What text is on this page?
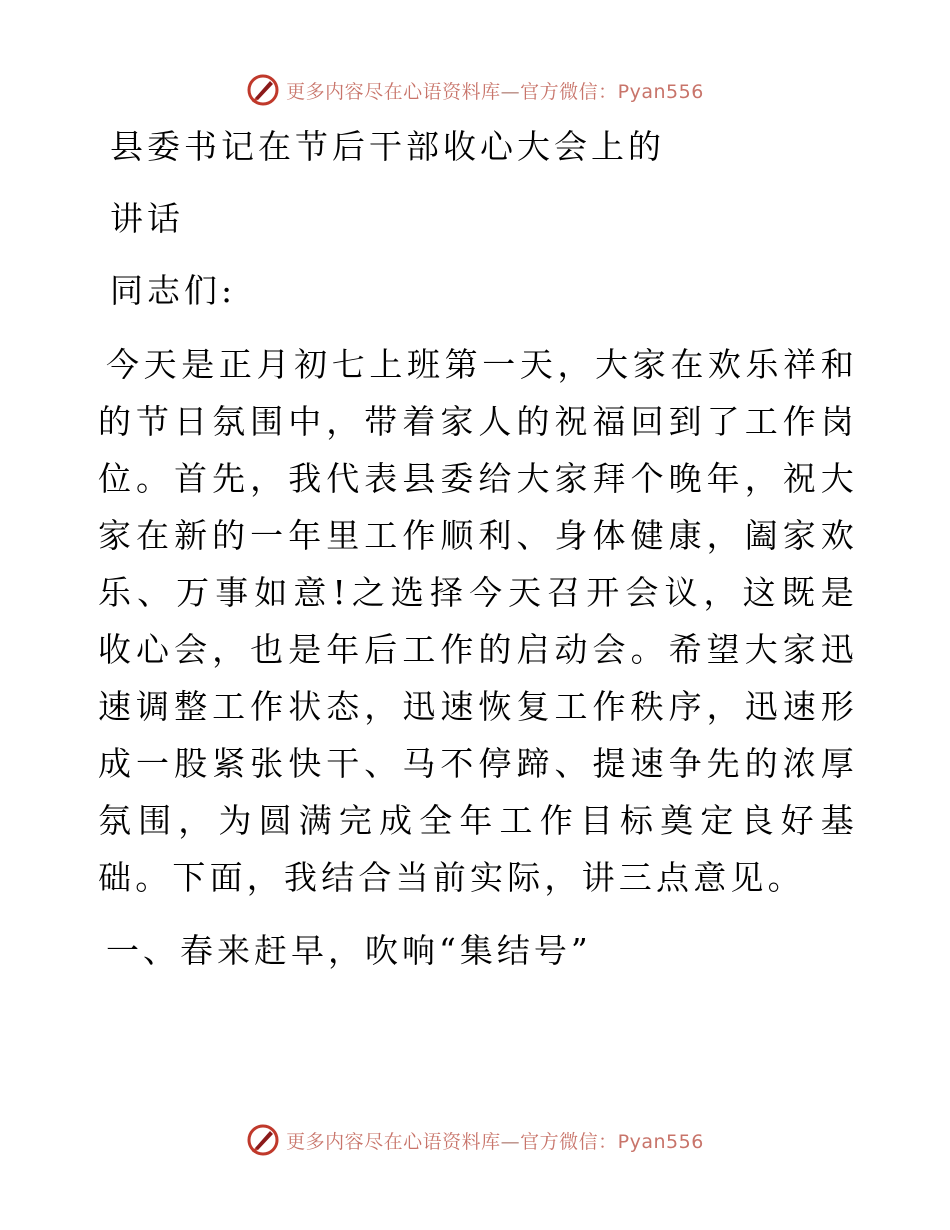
更多内容尽在心语资料库—官方微信：Pyan556
县委书记在节后干部收心大会上的
讲话

同志们:

今天是正月初七上班第一天，大家在欢乐祥和的节日氛围中，带着家人的祝福回到了工作岗位。首先，我代表县委给大家拜个晚年，祝大家在新的一年里工作顺利、身体健康，阖家欢乐、万事如意!之选择今天召开会议，这既是收心会，也是年后工作的启动会。希望大家迅速调整工作状态，迅速恢复工作秩序，迅速形成一股紧张快干、马不停蹄、提速争先的浓厚氛围，为圆满完成全年工作目标奠定良好基础。下面，我结合当前实际，讲三点意见。

一、春来赶早，吹响“集结号”
更多内容尽在心语资料库—官方微信：Pyan556
